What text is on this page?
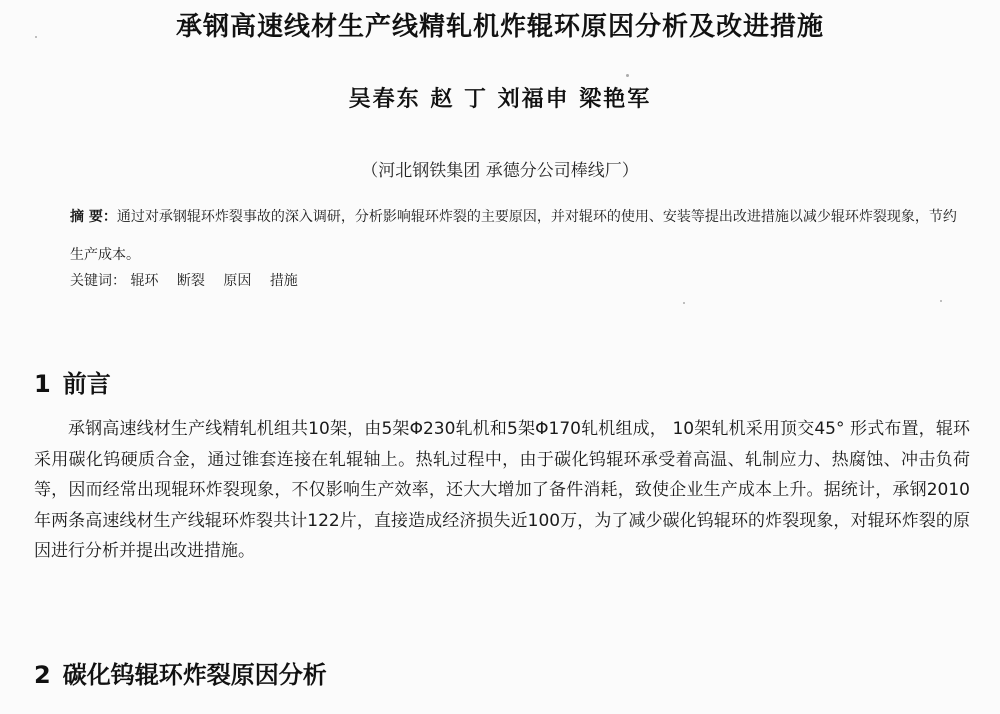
承钢高速线材生产线精轧机炸辊环原因分析及改进措施
吴春东 赵 丁 刘福申 梁艳军
（河北钢铁集团 承德分公司棒线厂）
摘 要：通过对承钢辊环炸裂事故的深入调研，分析影响辊环炸裂的主要原因，并对辊环的使用、安装等提出改进措施以减少辊环炸裂现象，节约生产成本。
关键词： 辊环 断裂 原因 措施
1 前言
承钢高速线材生产线精轧机组共10架，由5架Φ230轧机和5架Φ170轧机组成， 10架轧机采用顶交45° 形式布置，辊环采用碳化钨硬质合金，通过锥套连接在轧辊轴上。热轧过程中，由于碳化钨辊环承受着高温、轧制应力、热腐蚀、冲击负荷等，因而经常出现辊环炸裂现象，不仅影响生产效率，还大大增加了备件消耗，致使企业生产成本上升。据统计，承钢2010年两条高速线材生产线辊环炸裂共计122片，直接造成经济损失近100万，为了减少碳化钨辊环的炸裂现象，对辊环炸裂的原因进行分析并提出改进措施。
2 碳化钨辊环炸裂原因分析
